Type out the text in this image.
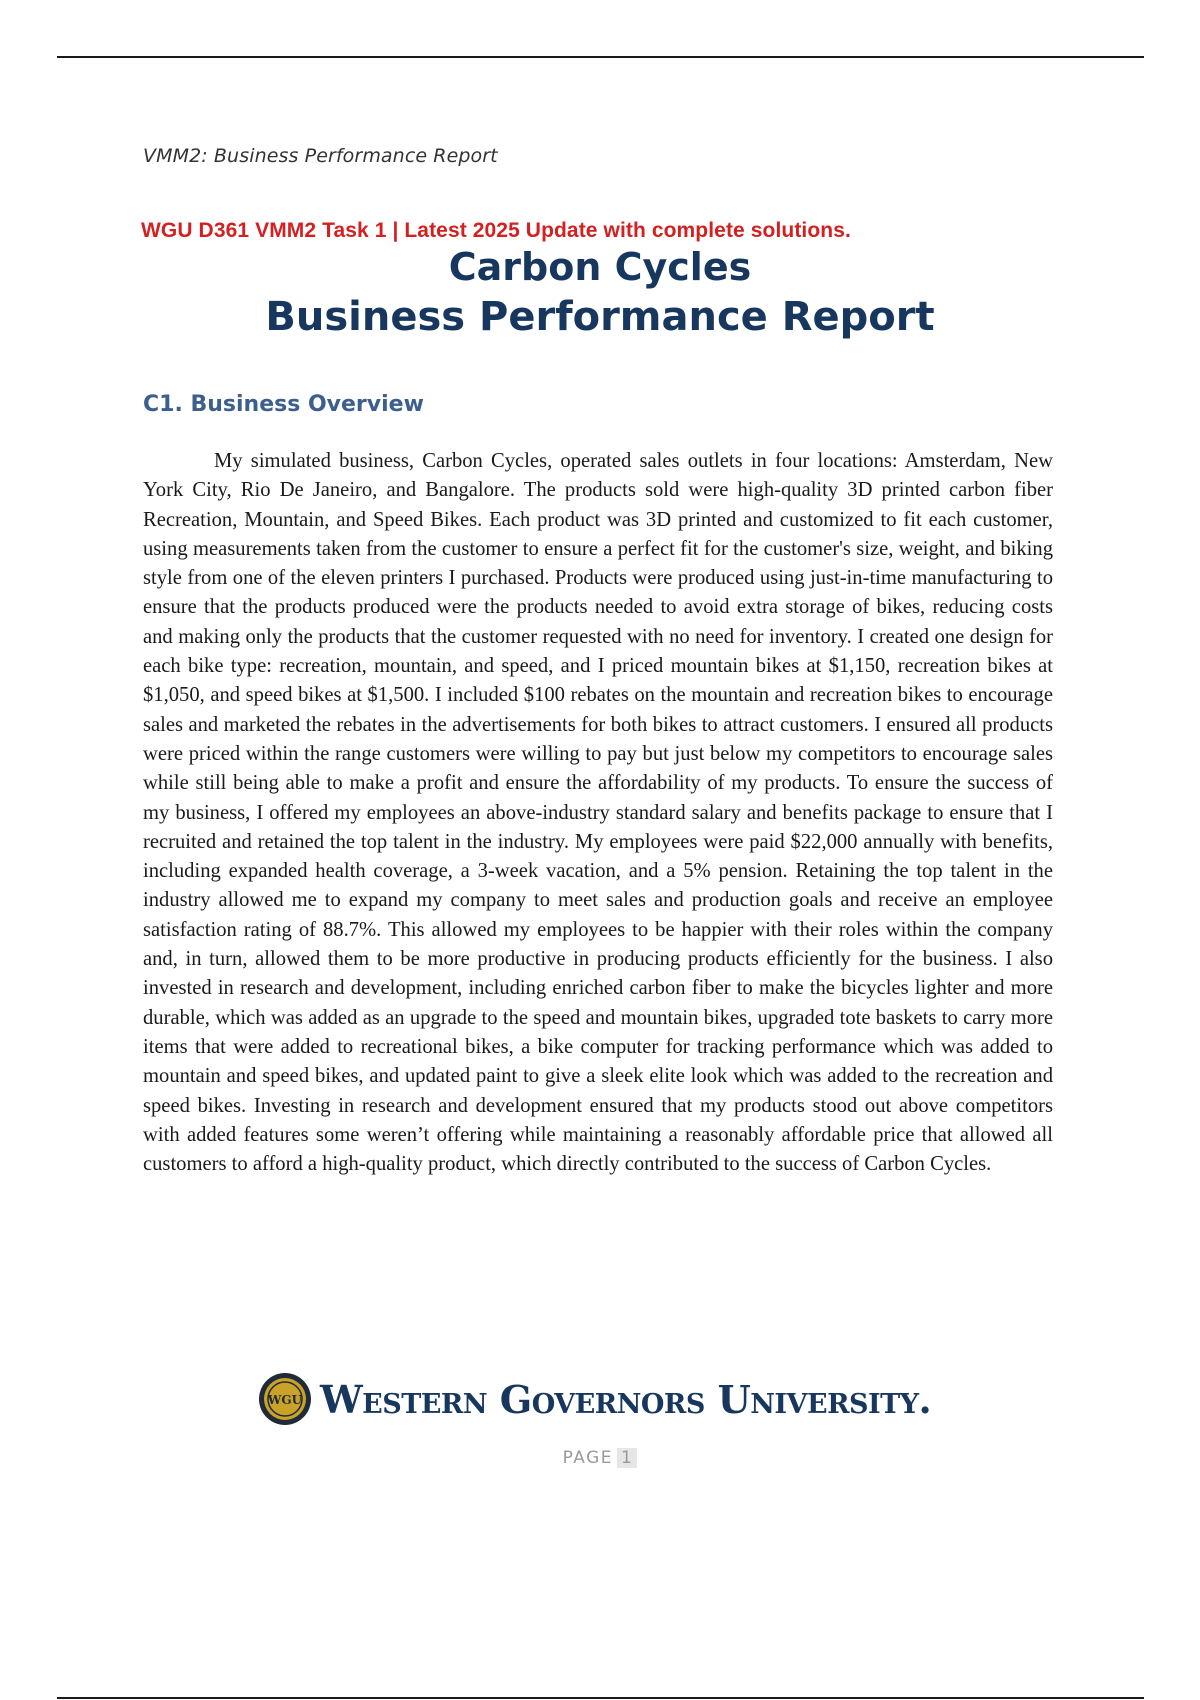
VMM2: Business Performance Report
WGU D361 VMM2 Task 1 | Latest 2025 Update with complete solutions.
Carbon Cycles
Business Performance Report
C1. Business Overview

My simulated business, Carbon Cycles, operated sales outlets in four locations: Amsterdam, New York City, Rio De Janeiro, and Bangalore. The products sold were high-quality 3D printed carbon fiber Recreation, Mountain, and Speed Bikes. Each product was 3D printed and customized to fit each customer, using measurements taken from the customer to ensure a perfect fit for the customer's size, weight, and biking style from one of the eleven printers I purchased. Products were produced using just-in-time manufacturing to ensure that the products produced were the products needed to avoid extra storage of bikes, reducing costs and making only the products that the customer requested with no need for inventory. I created one design for each bike type: recreation, mountain, and speed, and I priced mountain bikes at $1,150, recreation bikes at $1,050, and speed bikes at $1,500. I included $100 rebates on the mountain and recreation bikes to encourage sales and marketed the rebates in the advertisements for both bikes to attract customers. I ensured all products were priced within the range customers were willing to pay but just below my competitors to encourage sales while still being able to make a profit and ensure the affordability of my products. To ensure the success of my business, I offered my employees an above-industry standard salary and benefits package to ensure that I recruited and retained the top talent in the industry. My employees were paid $22,000 annually with benefits, including expanded health coverage, a 3-week vacation, and a 5% pension. Retaining the top talent in the industry allowed me to expand my company to meet sales and production goals and receive an employee satisfaction rating of 88.7%. This allowed my employees to be happier with their roles within the company and, in turn, allowed them to be more productive in producing products efficiently for the business. I also invested in research and development, including enriched carbon fiber to make the bicycles lighter and more durable, which was added as an upgrade to the speed and mountain bikes, upgraded tote baskets to carry more items that were added to recreational bikes, a bike computer for tracking performance which was added to mountain and speed bikes, and updated paint to give a sleek elite look which was added to the recreation and speed bikes. Investing in research and development ensured that my products stood out above competitors with added features some weren’t offering while maintaining a reasonably affordable price that allowed all customers to afford a high-quality product, which directly contributed to the success of Carbon Cycles.

WGU Western Governors University.
PAGE 1
